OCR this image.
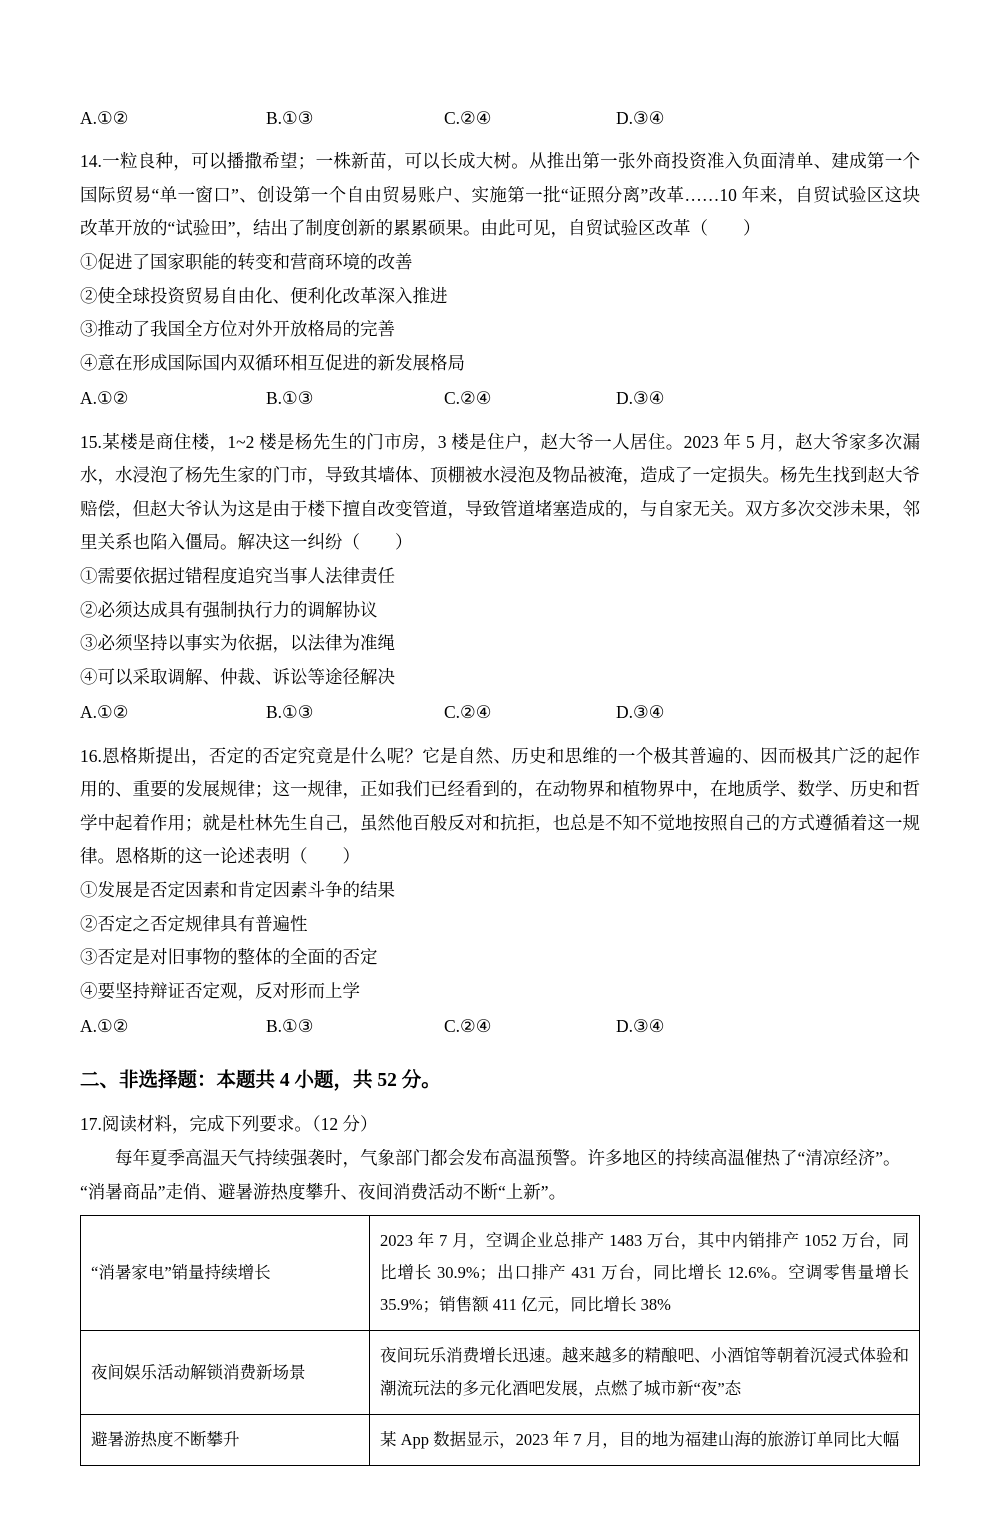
A.①②	B.①③	C.②④	D.③④
14.一粒良种，可以播撒希望；一株新苗，可以长成大树。从推出第一张外商投资准入负面清单、建成第一个国际贸易“单一窗口”、创设第一个自由贸易账户、实施第一批“证照分离”改革……10 年来，自贸试验区这块改革开放的“试验田”，结出了制度创新的累累硕果。由此可见，自贸试验区改革（　　）
①促进了国家职能的转变和营商环境的改善
②使全球投资贸易自由化、便利化改革深入推进
③推动了我国全方位对外开放格局的完善
④意在形成国际国内双循环相互促进的新发展格局
A.①②	B.①③	C.②④	D.③④
15.某楼是商住楼，1~2 楼是杨先生的门市房，3 楼是住户，赵大爷一人居住。2023 年 5 月，赵大爷家多次漏水，水浸泡了杨先生家的门市，导致其墙体、顶棚被水浸泡及物品被淹，造成了一定损失。杨先生找到赵大爷赔偿，但赵大爷认为这是由于楼下擅自改变管道，导致管道堵塞造成的，与自家无关。双方多次交涉未果，邻里关系也陷入僵局。解决这一纠纷（　　）
①需要依据过错程度追究当事人法律责任
②必须达成具有强制执行力的调解协议
③必须坚持以事实为依据，以法律为准绳
④可以采取调解、仲裁、诉讼等途径解决
A.①②	B.①③	C.②④	D.③④
16.恩格斯提出，否定的否定究竟是什么呢？它是自然、历史和思维的一个极其普遍的、因而极其广泛的起作用的、重要的发展规律；这一规律，正如我们已经看到的，在动物界和植物界中，在地质学、数学、历史和哲学中起着作用；就是杜林先生自己，虽然他百般反对和抗拒，也总是不知不觉地按照自己的方式遵循着这一规律。恩格斯的这一论述表明（　　）
①发展是否定因素和肯定因素斗争的结果
②否定之否定规律具有普遍性
③否定是对旧事物的整体的全面的否定
④要坚持辩证否定观，反对形而上学
A.①②	B.①③	C.②④	D.③④
二、非选择题：本题共 4 小题，共 52 分。
17.阅读材料，完成下列要求。（12 分）
每年夏季高温天气持续强袭时，气象部门都会发布高温预警。许多地区的持续高温催热了“清凉经济”。
“消暑商品”走俏、避暑游热度攀升、夜间消费活动不断“上新”。
“消暑家电”销量持续增长	2023 年 7 月，空调企业总排产 1483 万台，其中内销排产 1052 万台，同比增长 30.9%；出口排产 431 万台，同比增长 12.6%。空调零售量增长 35.9%；销售额 411 亿元，同比增长 38%
夜间娱乐活动解锁消费新场景	夜间玩乐消费增长迅速。越来越多的精酿吧、小酒馆等朝着沉浸式体验和潮流玩法的多元化酒吧发展，点燃了城市新“夜”态
避暑游热度不断攀升	某 App 数据显示，2023 年 7 月，目的地为福建山海的旅游订单同比大幅
